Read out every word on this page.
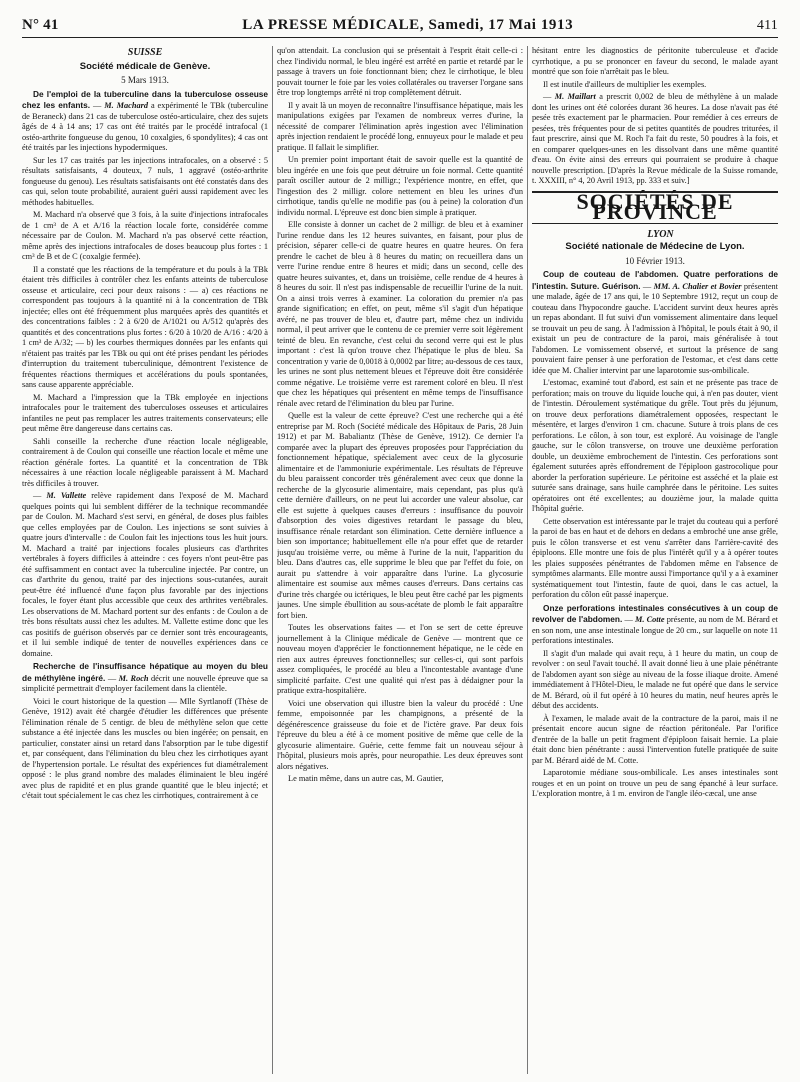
N° 41	LA PRESSE MÉDICALE, Samedi, 17 Mai 1913	411

SUISSE

Société médicale de Genève.

5 Mars 1913.

De l'emploi de la tuberculine dans la tuberculose osseuse chez les enfants. — M. Machard a expérimenté le TBk (tuberculine de Beraneck) dans 21 cas de tuberculose ostéo-articulaire, chez des sujets âgés de 4 à 14 ans; 17 cas ont été traités par le procédé intrafocal (1 ostéo-arthrite fongueuse du genou, 10 coxalgies, 6 spondylites); 4 cas ont été traités par les injections hypodermiques.

Sur les 17 cas traités par les injections intrafocales, on a observé : 5 résultats satisfaisants, 4 douteux, 7 nuls, 1 aggravé (ostéo-arthrite fongueuse du genou). Les résultats satisfaisants ont été constatés dans des cas qui, selon toute probabilité, auraient guéri aussi rapidement avec les méthodes habituelles.

M. Machard n'a observé que 3 fois, à la suite d'injections intrafocales de 1 cm³ de A et A/16 la réaction locale forte, considérée comme nécessaire par de Coulon. M. Machard n'a pas observé cette réaction, même après des injections intrafocales de doses beaucoup plus fortes : 1 cm³ de B et de C (coxalgie fermée).

Il a constaté que les réactions de la température et du pouls à la TBk étaient très difficiles à contrôler chez les enfants atteints de tuberculose osseuse et articulaire, ceci pour deux raisons : — a) ces réactions ne correspondent pas toujours à la quantité ni à la concentration de TBk injectée; elles ont été fréquemment plus marquées après des quantités et des concentrations faibles : 2 à 6/20 de A/1021 ou A/512 qu'après des quantités et des concentrations plus fortes : 6/20 à 10/20 de A/16 : 4/20 à 1 cm³ de A/32; — b) les courbes thermiques données par les enfants qui n'étaient pas traités par les TBk ou qui ont été prises pendant les périodes d'interruption du traitement tuberculinique, démontrent l'existence de fréquentes réactions thermiques et accélérations du pouls spontanées, sans cause apparente appréciable.

M. Machard a l'impression que la TBk employée en injections intrafocales pour le traitement des tuberculoses osseuses et articulaires infantiles ne peut pas remplacer les autres traitements conservateurs; elle peut même être dangereuse dans certains cas.

Sahli conseille la recherche d'une réaction locale négligeable, contrairement à de Coulon qui conseille une réaction locale et même une réaction générale fortes. La quantité et la concentration de TBk nécessaires à une réaction locale négligeable paraissent à M. Machard très difficiles à trouver.

— M. Vallette relève rapidement dans l'exposé de M. Machard quelques points qui lui semblent différer de la technique recommandée par de Coulon. M. Machard s'est servi, en général, de doses plus faibles que celles employées par de Coulon. Les injections se sont suivies à quatre jours d'intervalle : de Coulon fait les injections tous les huit jours. M. Machard a traité par injections focales plusieurs cas d'arthrites vertébrales à foyers difficiles à atteindre : ces foyers n'ont peut-être pas été suffisamment en contact avec la tuberculine injectée. Par contre, un cas d'arthrite du genou, traité par des injections sous-cutanées, aurait peut-être été influencé d'une façon plus favorable par des injections focales, le foyer étant plus accessible que ceux des arthrites vertébrales. Les observations de M. Machard portent sur des enfants : de Coulon a de très bons résultats aussi chez les adultes. M. Vallette estime donc que les cas positifs de guérison observés par ce dernier sont très encourageants, et il lui semble indiqué de tenter de nouvelles expériences dans ce domaine.

Recherche de l'insuffisance hépatique au moyen du bleu de méthylène ingéré. — M. Roch décrit une nouvelle épreuve que sa simplicité permettrait d'employer facilement dans la clientèle.

Voici le court historique de la question — Mlle Syrtlanoff (Thèse de Genève, 1912) avait été chargée d'étudier les différences que présente l'élimination rénale de 5 centigr. de bleu de méthylène selon que cette substance a été injectée dans les muscles ou bien ingérée; on pensait, en particulier, constater ainsi un retard dans l'absorption par le tube digestif et, par conséquent, dans l'élimination du bleu chez les cirrhotiques ayant de l'hypertension portale. Le résultat des expériences fut diamétralement opposé : le plus grand nombre des malades éliminaient le bleu ingéré avec plus de rapidité et en plus grande quantité que le bleu injecté; et c'était tout spécialement le cas chez les cirrhotiques, contrairement à ce

qu'on attendait. La conclusion qui se présentait à l'esprit était celle-ci : chez l'individu normal, le bleu ingéré est arrêté en partie et retardé par le passage à travers un foie fonctionnant bien; chez le cirrhotique, le bleu pouvait tourner le foie par les voies collatérales ou traverser l'organe sans être trop longtemps arrêté ni trop complètement détruit.

Il y avait là un moyen de reconnaître l'insuffisance hépatique, mais les manipulations exigées par l'examen de nombreux verres d'urine, la nécessité de comparer l'élimination après ingestion avec l'élimination après injection rendaient le procédé long, ennuyeux pour le malade et peu pratique. Il fallait le simplifier.

Un premier point important était de savoir quelle est la quantité de bleu ingérée en une fois que peut détruire un foie normal. Cette quantité paraît osciller autour de 2 milligr.; l'expérience montre, en effet, que l'ingestion des 2 milligr. colore nettement en bleu les urines d'un cirrhotique, tandis qu'elle ne modifie pas (ou à peine) la coloration d'un individu normal. L'épreuve est donc bien simple à pratiquer.

Elle consiste à donner un cachet de 2 milligr. de bleu et à examiner l'urine rendue dans les 12 heures suivantes, en faisant, pour plus de précision, séparer celle-ci de quatre heures en quatre heures. On fera prendre le cachet de bleu à 8 heures du matin; on recueillera dans un verre l'urine rendue entre 8 heures et midi; dans un second, celle des quatre heures suivantes, et, dans un troisième, celle rendue de 4 heures à 8 heures du soir. Il n'est pas indispensable de recueillir l'urine de la nuit. On a ainsi trois verres à examiner. La coloration du premier n'a pas grande signification; en effet, on peut, même s'il s'agit d'un hépatique avéré, ne pas trouver de bleu et, d'autre part, même chez un individu normal, il peut arriver que le contenu de ce premier verre soit légèrement teinté de bleu. En revanche, c'est celui du second verre qui est le plus important : c'est là qu'on trouve chez l'hépatique le plus de bleu. Sa concentration y varie de 0,0018 à 0,0002 par litre; au-dessous de ces taux, les urines ne sont plus nettement bleues et l'épreuve doit être considérée comme négative. Le troisième verre est rarement coloré en bleu. Il n'est que chez les hépatiques qui présentent en même temps de l'insuffisance rénale avec retard de l'élimination du bleu par l'urine.

Quelle est la valeur de cette épreuve? C'est une recherche qui a été entreprise par M. Roch (Société médicale des Hôpitaux de Paris, 28 Juin 1912) et par M. Babaliantz (Thèse de Genève, 1912). Ce dernier l'a comparée avec la plupart des épreuves proposées pour l'appréciation du fonctionnement hépatique, spécialement avec ceux de la glycosurie alimentaire et de l'ammoniurie expérimentale. Les résultats de l'épreuve du bleu paraissent concorder très généralement avec ceux que donne la recherche de la glycosurie alimentaire, mais cependant, pas plus qu'à cette dernière d'ailleurs, on ne peut lui accorder une valeur absolue, car elle est sujette à quelques causes d'erreurs : insuffisance du pouvoir d'absorption des voies digestives retardant le passage du bleu, insuffisance rénale retardant son élimination. Cette dernière influence a bien son importance; habituellement elle n'a pour effet que de retarder jusqu'au troisième verre, ou même à l'urine de la nuit, l'apparition du bleu. Dans d'autres cas, elle supprime le bleu que par l'effet du foie, on aurait pu s'attendre à voir apparaître dans l'urine. La glycosurie alimentaire est soumise aux mêmes causes d'erreurs. Dans certains cas d'urine très chargée ou ictériques, le bleu peut être caché par les pigments jaunes. Une simple ébullition au sous-acétate de plomb le fait apparaître fort bien.

Toutes les observations faites — et l'on se sert de cette épreuve journellement à la Clinique médicale de Genève — montrent que ce nouveau moyen d'apprécier le fonctionnement hépatique, ne le cède en rien aux autres épreuves fonctionnelles; sur celles-ci, qui sont parfois assez compliquées, le procédé au bleu a l'incontestable avantage d'une simplicité parfaite. C'est une qualité qui n'est pas à dédaigner pour la pratique extra-hospitalière.

Voici une observation qui illustre bien la valeur du procédé : Une femme, empoisonnée par les champignons, a présenté de la dégénérescence graisseuse du foie et de l'ictère grave. Par deux fois l'épreuve du bleu a été à ce moment positive de même que celle de la glycosurie alimentaire. Guérie, cette femme fait un nouveau séjour à l'hôpital, plusieurs mois après, pour neuropathie. Les deux épreuves sont alors négatives.

Le matin même, dans un autre cas, M. Gautier,

hésitant entre les diagnostics de péritonite tuberculeuse et d'acide cyrrhotique, a pu se prononcer en faveur du second, le malade ayant montré que son foie n'arrêtait pas le bleu.

Il est inutile d'ailleurs de multiplier les exemples.

— M. Maillart a prescrit 0,002 de bleu de méthylène à un malade dont les urines ont été colorées durant 36 heures. La dose n'avait pas été pesée très exactement par le pharmacien. Pour remédier à ces erreurs de pesées, très fréquentes pour de si petites quantités de poudres triturées, il faut prescrire, ainsi que M. Roch l'a fait du reste, 50 poudres à la fois, et en comparer quelques-unes en les dissolvant dans une même quantité d'eau. On évite ainsi des erreurs qui pourraient se produire à chaque nouvelle prescription. [D'après la Revue médicale de la Suisse romande, t. XXXIII, n° 4, 20 Avril 1913, pp. 333 et suiv.]

SOCIÉTÉS DE PROVINCE

LYON

Société nationale de Médecine de Lyon.

10 Février 1913.

Coup de couteau de l'abdomen. Quatre perforations de l'intestin. Suture. Guérison. — MM. A. Chalier et Bovier présentent une malade, âgée de 17 ans qui, le 10 Septembre 1912, reçut un coup de couteau dans l'hypocondre gauche. L'accident survint deux heures après un repas abondant. Il fut suivi d'un vomissement alimentaire dans lequel se trouvait un peu de sang. À l'admission à l'hôpital, le pouls était à 90, il existait un peu de contracture de la paroi, mais généralisée à tout l'abdomen. Le vomissement observé, et surtout la présence de sang pouvaient faire penser à une perforation de l'estomac, et c'est dans cette idée que M. Chalier intervint par une laparotomie sus-ombilicale.

L'estomac, examiné tout d'abord, est sain et ne présente pas trace de perforation; mais on trouve du liquide louche qui, à n'en pas douter, vient de l'intestin. Déroulement systématique du grêle. Tout près du jéjunum, on trouve deux perforations diamétralement opposées, respectant le mésentère, et larges d'environ 1 cm. chacune. Suture à trois plans de ces perforations. Le côlon, à son tour, est exploré. Au voisinage de l'angle gauche, sur le côlon transverse, on trouve une deuxième perforation double, un deuxième embrochement de l'intestin. Ces perforations sont également suturées après effondrement de l'épiploon gastrocolique pour aborder la perforation supérieure. Le péritoine est asséché et la plaie est suturée sans drainage, sans huile camphrée dans le péritoine. Les suites opératoires ont été excellentes; au douzième jour, la malade quitta l'hôpital guérie.

Cette observation est intéressante par le trajet du couteau qui a perforé la paroi de bas en haut et de dehors en dedans a embroché une anse grêle, puis le côlon transverse et est venu s'arrêter dans l'arrière-cavité des épiploons. Elle montre une fois de plus l'intérêt qu'il y a à opérer toutes les plaies supposées pénétrantes de l'abdomen même en l'absence de symptômes alarmants. Elle montre aussi l'importance qu'il y a à examiner systématiquement tout l'intestin, faute de quoi, dans le cas actuel, la perforation du côlon eût passé inaperçue.

Onze perforations intestinales consécutives à un coup de revolver de l'abdomen. — M. Cotte présente, au nom de M. Bérard et en son nom, une anse intestinale longue de 20 cm., sur laquelle on note 11 perforations intestinales.

Il s'agit d'un malade qui avait reçu, à 1 heure du matin, un coup de revolver : on seul l'avait touché. Il avait donné lieu à une plaie pénétrante de l'abdomen ayant son siège au niveau de la fosse iliaque droite. Amené immédiatement à l'Hôtel-Dieu, le malade ne fut opéré que dans le service de M. Bérard, où il fut opéré à 10 heures du matin, neuf heures après le début des accidents.

À l'examen, le malade avait de la contracture de la paroi, mais il ne présentait encore aucun signe de réaction péritonéale. Par l'orifice d'entrée de la balle un petit fragment d'épiploon faisait hernie. La plaie était donc bien pénétrante : aussi l'intervention futelle pratiquée de suite par M. Bérard aidé de M. Cotte.

Laparotomie médiane sous-ombilicale. Les anses intestinales sont rouges et en un point on trouve un peu de sang épanché à leur surface. L'exploration montre, à 1 m. environ de l'angle iléo-cæcal, une anse
